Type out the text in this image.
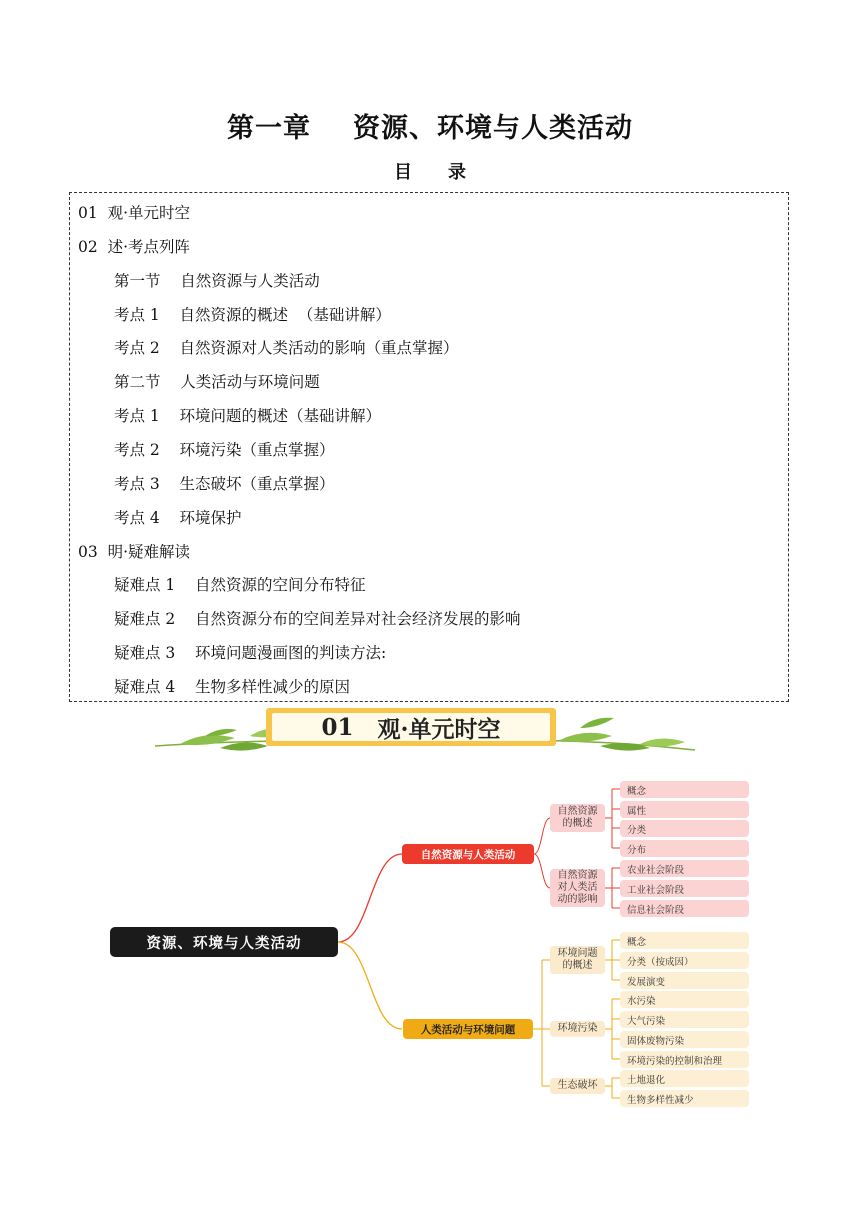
第一章 资源、环境与人类活动
目录
01  观·单元时空
02  述·考点列阵
第一节    自然资源与人类活动
考点 1    自然资源的概述  （基础讲解）
考点 2    自然资源对人类活动的影响（重点掌握）
第二节    人类活动与环境问题
考点 1    环境问题的概述（基础讲解）
考点 2    环境污染（重点掌握）
考点 3    生态破坏（重点掌握）
考点 4    环境保护
03  明·疑难解读
疑难点 1    自然资源的空间分布特征
疑难点 2    自然资源分布的空间差异对社会经济发展的影响
疑难点 3    环境问题漫画图的判读方法:
疑难点 4    生物多样性减少的原因
01 观·单元时空
资源、环境与人类活动
自然资源与人类活动
人类活动与环境问题
自然资源
的概述
自然资源
对人类活
动的影响
环境问题
的概述
环境污染
生态破坏
概念
属性
分类
分布
农业社会阶段
工业社会阶段
信息社会阶段
概念
分类（按成因）
发展演变
水污染
大气污染
固体废物污染
环境污染的控制和治理
土地退化
生物多样性减少
